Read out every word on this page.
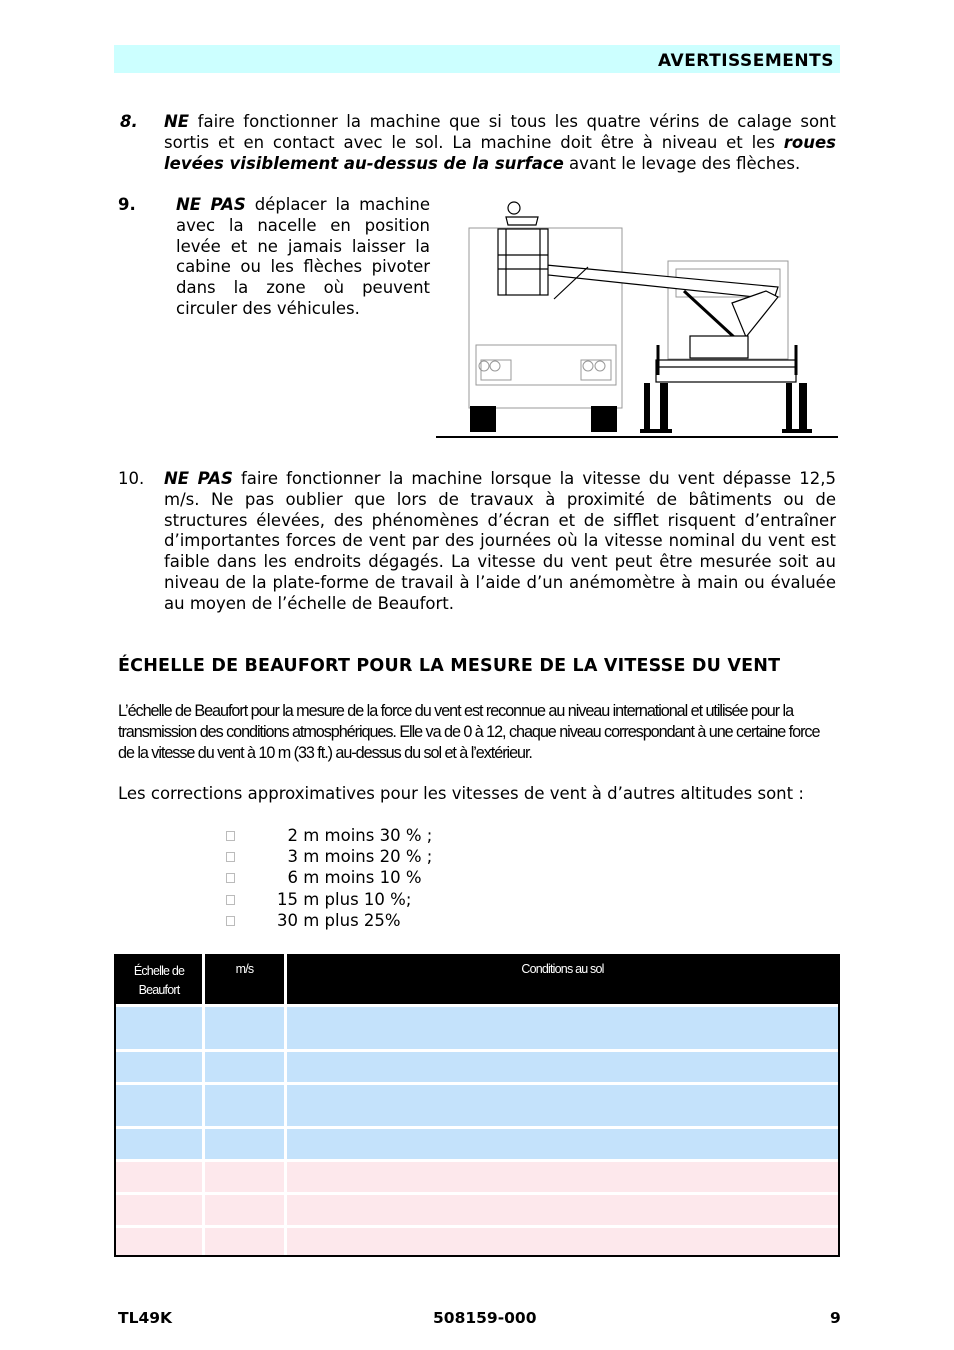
AVERTISSEMENTS
8. NE faire fonctionner la machine que si tous les quatre vérins de calage sont sortis et en contact avec le sol. La machine doit être à niveau et les roues levées visiblement au-dessus de la surface avant le levage des flèches.
9. NE PAS déplacer la machine avec la nacelle en position levée et ne jamais laisser la cabine ou les flèches pivoter dans la zone où peuvent circuler des véhicules.
10. NE PAS faire fonctionner la machine lorsque la vitesse du vent dépasse 12,5 m/s. Ne pas oublier que lors de travaux à proximité de bâtiments ou de structures élevées, des phénomènes d’écran et de sifflet risquent d’entraîner d’importantes forces de vent par des journées où la vitesse nominal du vent est faible dans les endroits dégagés. La vitesse du vent peut être mesurée soit au niveau de la plate-forme de travail à l’aide d’un anémomètre à main ou évaluée au moyen de l’échelle de Beaufort.
ÉCHELLE DE BEAUFORT POUR LA MESURE DE LA VITESSE DU VENT
L’échelle de Beaufort pour la mesure de la force du vent est reconnue au niveau international et utilisée pour la transmission des conditions atmosphériques. Elle va de 0 à 12, chaque niveau correspondant à une certaine force de la vitesse du vent à 10 m (33 ft.) au-dessus du sol et à l’extérieur.
Les corrections approximatives pour les vitesses de vent à d’autres altitudes sont :
2 m moins 30 % ;
3 m moins 20 % ;
6 m moins 10 %
15 m plus 10 %;
30 m plus 25%
Échelle de
Beaufort	m/s	Conditions au sol

TL49K	508159-000	9
